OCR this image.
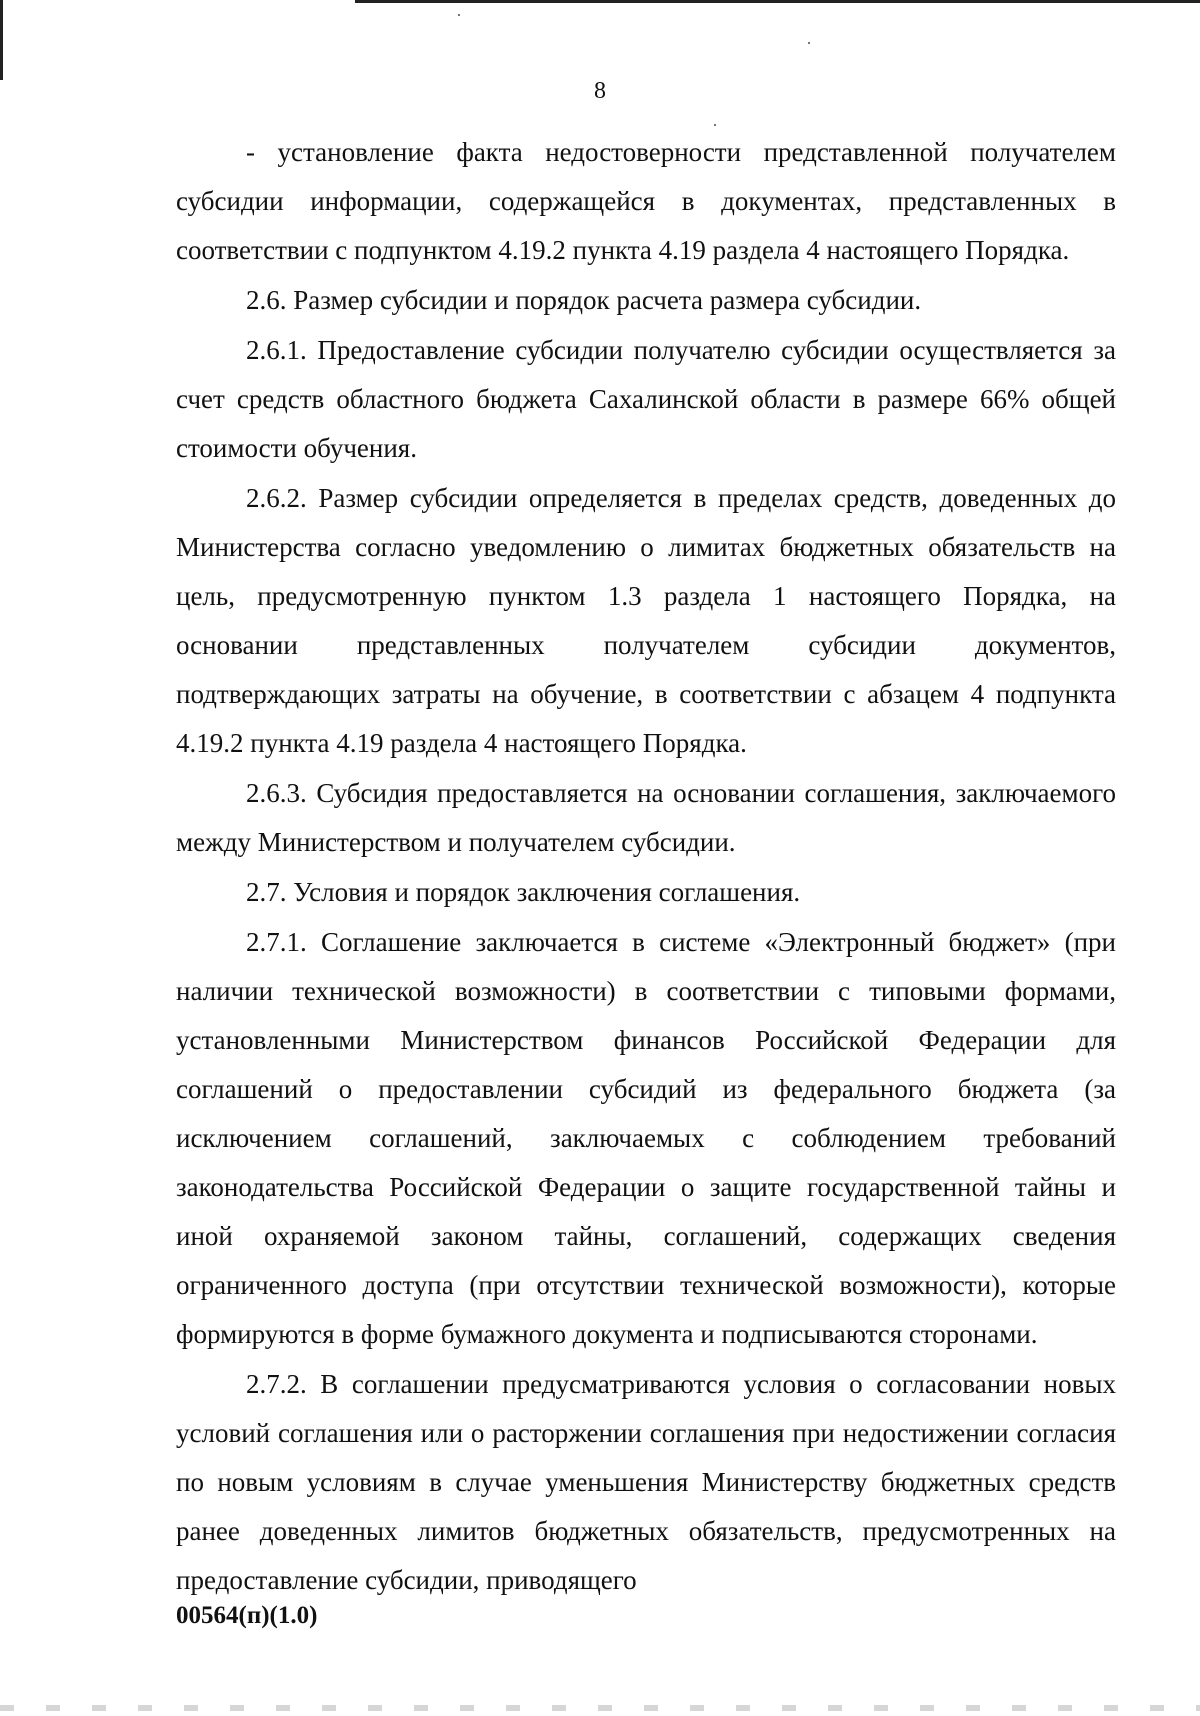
8

- установление факта недостоверности представленной получателем субсидии информации, содержащейся в документах, представленных в соответствии с подпунктом 4.19.2 пункта 4.19 раздела 4 настоящего Порядка.

2.6. Размер субсидии и порядок расчета размера субсидии.

2.6.1. Предоставление субсидии получателю субсидии осуществляется за счет средств областного бюджета Сахалинской области в размере 66% общей стоимости обучения.

2.6.2. Размер субсидии определяется в пределах средств, доведенных до Министерства согласно уведомлению о лимитах бюджетных обязательств на цель, предусмотренную пунктом 1.3 раздела 1 настоящего Порядка, на основании представленных получателем субсидии документов, подтверждающих затраты на обучение, в соответствии с абзацем 4 подпункта 4.19.2 пункта 4.19 раздела 4 настоящего Порядка.

2.6.3. Субсидия предоставляется на основании соглашения, заключаемого между Министерством и получателем субсидии.

2.7. Условия и порядок заключения соглашения.

2.7.1. Соглашение заключается в системе «Электронный бюджет» (при наличии технической возможности) в соответствии с типовыми формами, установленными Министерством финансов Российской Федерации для соглашений о предоставлении субсидий из федерального бюджета (за исключением соглашений, заключаемых с соблюдением требований законодательства Российской Федерации о защите государственной тайны и иной охраняемой законом тайны, соглашений, содержащих сведения ограниченного доступа (при отсутствии технической возможности), которые формируются в форме бумажного документа и подписываются сторонами.

2.7.2. В соглашении предусматриваются условия о согласовании новых условий соглашения или о расторжении соглашения при недостижении согласия по новым условиям в случае уменьшения Министерству бюджетных средств ранее доведенных лимитов бюджетных обязательств, предусмотренных на предоставление субсидии, приводящего

00564(п)(1.0)
